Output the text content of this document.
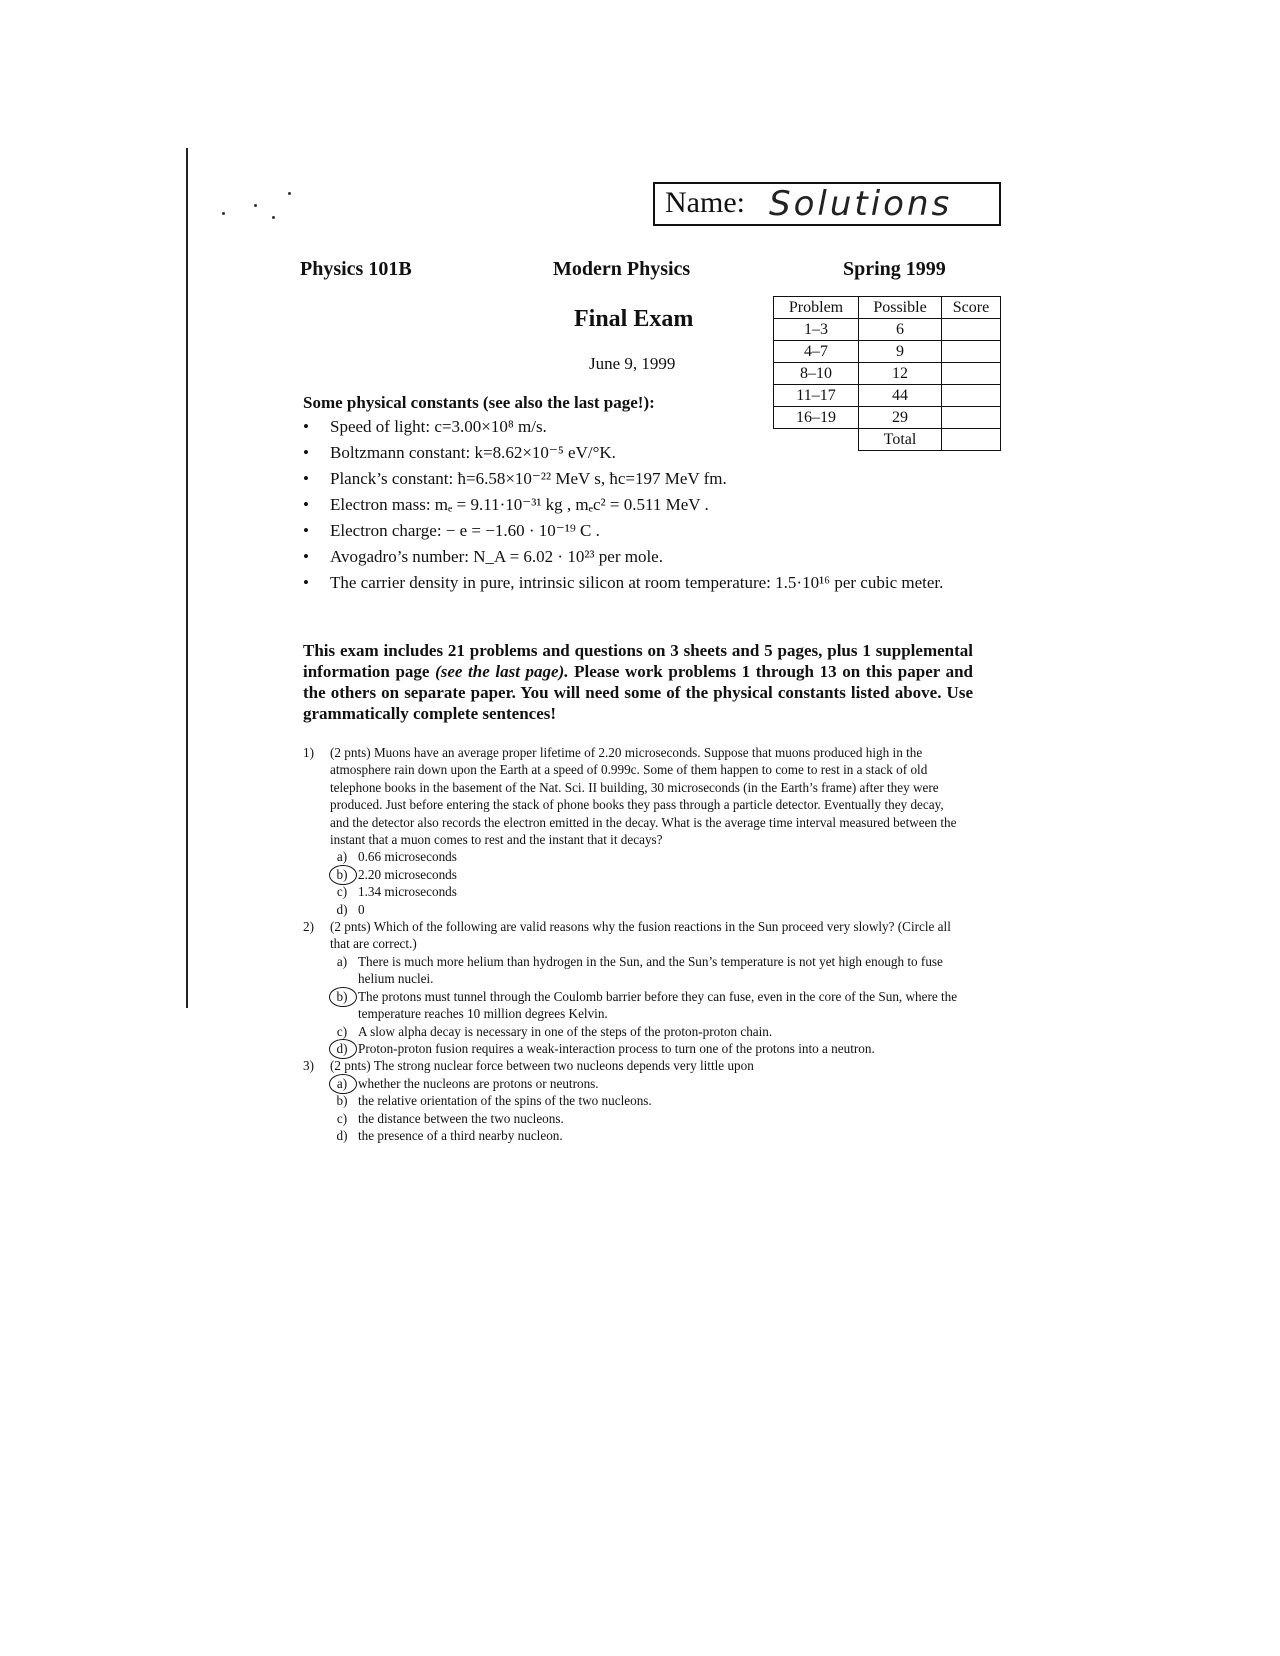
Name: Solutions
Physics 101B	Modern Physics	Spring 1999
Final Exam
June 9, 1999
Problem	Possible	Score
1–3	6	
4–7	9	
8–10	12	
11–17	44	
16–19	29	
	Total	
Some physical constants (see also the last page!):
• Speed of light: c=3.00×10⁸ m/s.
• Boltzmann constant: k=8.62×10⁻⁵ eV/°K.
• Planck’s constant: ħ=6.58×10⁻²² MeV s, ħc=197 MeV fm.
• Electron mass: mₑ = 9.11·10⁻³¹ kg , mₑc² = 0.511 MeV .
• Electron charge: − e = −1.60 · 10⁻¹⁹ C .
• Avogadro’s number: N_A = 6.02 · 10²³ per mole.
• The carrier density in pure, intrinsic silicon at room temperature: 1.5·10¹⁶ per cubic meter.
This exam includes 21 problems and questions on 3 sheets and 5 pages, plus 1 supplemental information page (see the last page). Please work problems 1 through 13 on this paper and the others on separate paper. You will need some of the physical constants listed above. Use grammatically complete sentences!
1) (2 pnts) Muons have an average proper lifetime of 2.20 microseconds. Suppose that muons produced high in the atmosphere rain down upon the Earth at a speed of 0.999c. Some of them happen to come to rest in a stack of old telephone books in the basement of the Nat. Sci. II building, 30 microseconds (in the Earth’s frame) after they were produced. Just before entering the stack of phone books they pass through a particle detector. Eventually they decay, and the detector also records the electron emitted in the decay. What is the average time interval measured between the instant that a muon comes to rest and the instant that it decays?
a) 0.66 microseconds
b) 2.20 microseconds
c) 1.34 microseconds
d) 0
2) (2 pnts) Which of the following are valid reasons why the fusion reactions in the Sun proceed very slowly? (Circle all that are correct.)
a) There is much more helium than hydrogen in the Sun, and the Sun’s temperature is not yet high enough to fuse helium nuclei.
b) The protons must tunnel through the Coulomb barrier before they can fuse, even in the core of the Sun, where the temperature reaches 10 million degrees Kelvin.
c) A slow alpha decay is necessary in one of the steps of the proton-proton chain.
d) Proton-proton fusion requires a weak-interaction process to turn one of the protons into a neutron.
3) (2 pnts) The strong nuclear force between two nucleons depends very little upon
a) whether the nucleons are protons or neutrons.
b) the relative orientation of the spins of the two nucleons.
c) the distance between the two nucleons.
d) the presence of a third nearby nucleon.
